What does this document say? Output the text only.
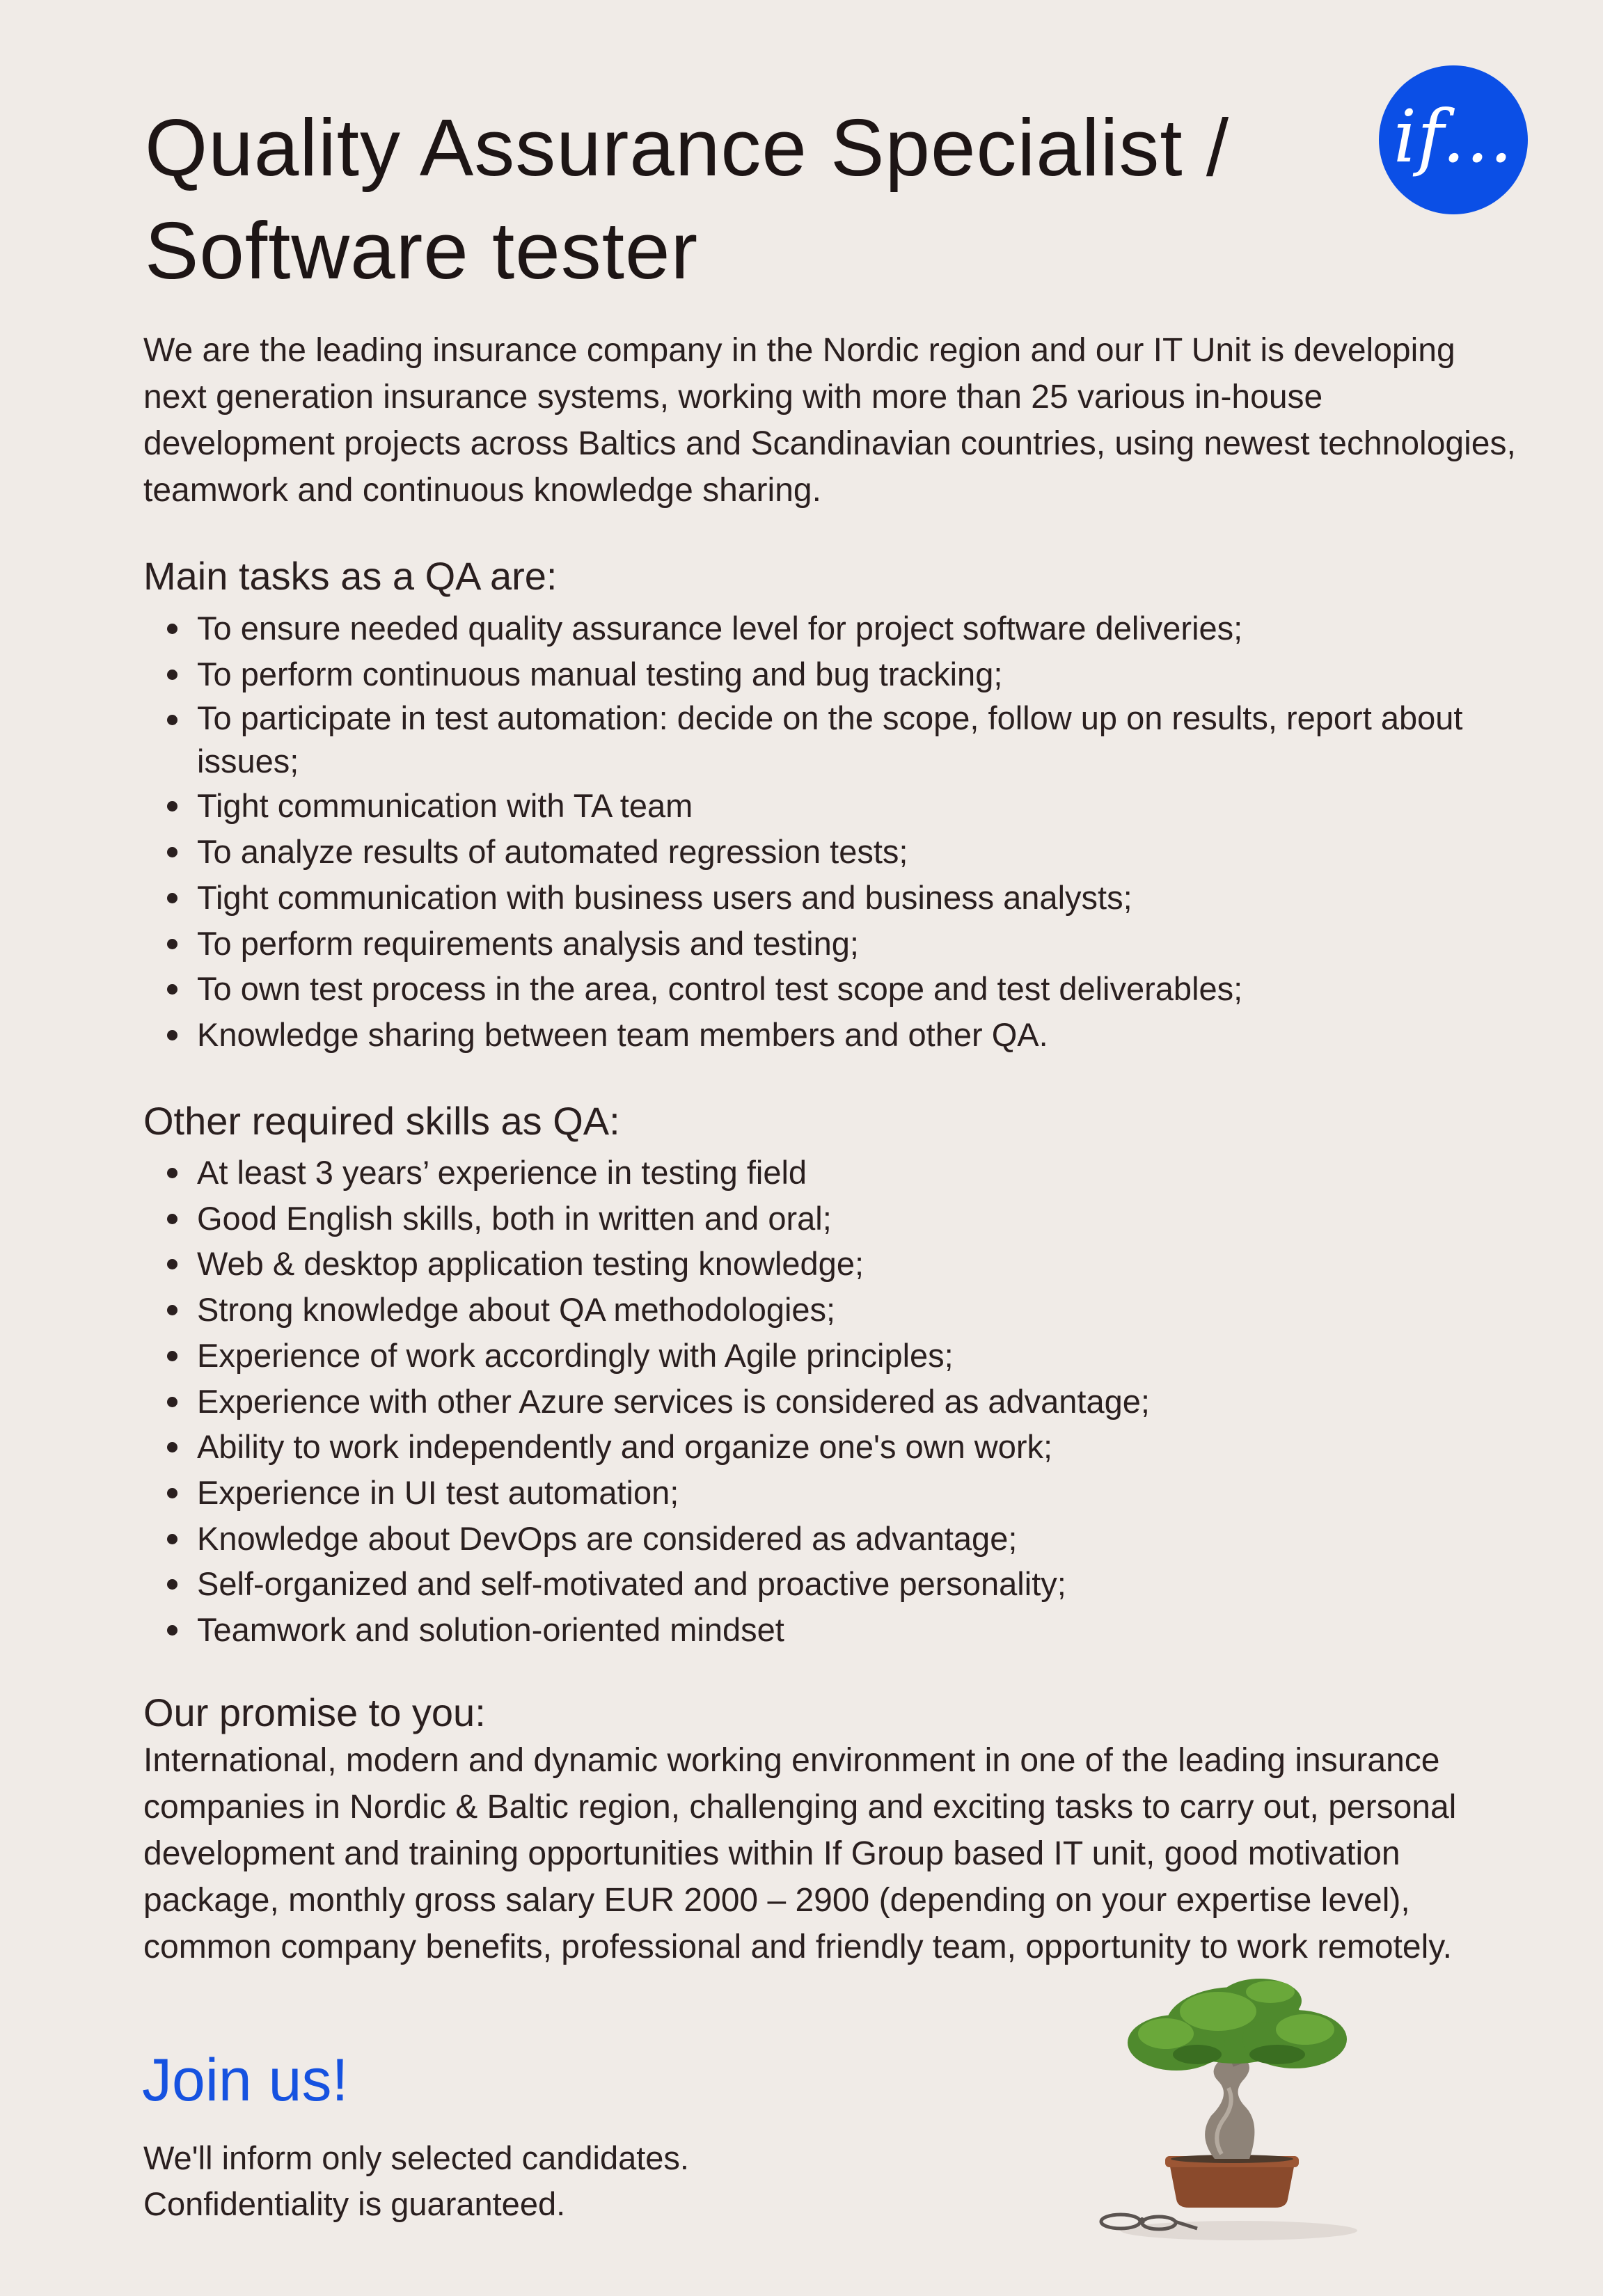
Quality Assurance Specialist /
Software tester
if...

We are the leading insurance company in the Nordic region and our IT Unit is developing next generation insurance systems, working with more than 25 various in-house development projects across Baltics and Scandinavian countries, using newest technologies, teamwork and continuous knowledge sharing.

Main tasks as a QA are:
To ensure needed quality assurance level for project software deliveries;
To perform continuous manual testing and bug tracking;
To participate in test automation: decide on the scope, follow up on results, report about issues;
Tight communication with TA team
To analyze results of automated regression tests;
Tight communication with business users and business analysts;
To perform requirements analysis and testing;
To own test process in the area, control test scope and test deliverables;
Knowledge sharing between team members and other QA.
Other required skills as QA:
At least 3 years’ experience in testing field
Good English skills, both in written and oral;
Web & desktop application testing knowledge;
Strong knowledge about QA methodologies;
Experience of work accordingly with Agile principles;
Experience with other Azure services is considered as advantage;
Ability to work independently and organize one's own work;
Experience in UI test automation;
Knowledge about DevOps are considered as advantage;
Self-organized and self-motivated and proactive personality;
Teamwork and solution-oriented mindset
Our promise to you:

International, modern and dynamic working environment in one of the leading insurance companies in Nordic & Baltic region, challenging and exciting tasks to carry out, personal development and training opportunities within If Group based IT unit, good motivation package, monthly gross salary EUR 2000 – 2900 (depending on your expertise level), common company benefits, professional and friendly team, opportunity to work remotely.

Join us!

We'll inform only selected candidates.
Confidentiality is guaranteed.
